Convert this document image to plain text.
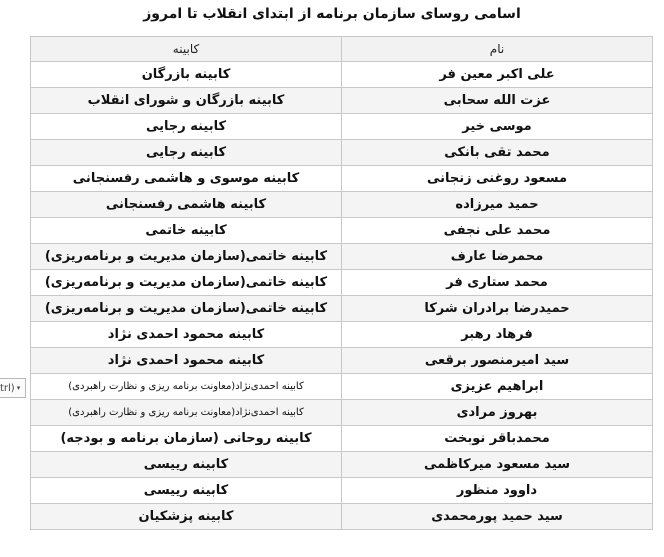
اسامی روسای سازمان برنامه از ابتدای انقلاب تا امروز
نام	کابینه
علی اکبر معین فر	کابینه بازرگان
عزت الله سحابی	کابینه بازرگان و شورای انقلاب
موسی خیر	کابینه رجایی
محمد تقی بانکی	کابینه رجایی
مسعود روغنی زنجانی	کابینه موسوی و هاشمی رفسنجانی
حمید میرزاده	کابینه هاشمی رفسنجانی
محمد علی نجفی	کابینه خاتمی
محمرضا عارف	کابینه خاتمی(سازمان مدیریت و برنامه‌ریزی)
محمد ستاری فر	کابینه خاتمی(سازمان مدیریت و برنامه‌ریزی)
حمیدرضا برادران شرکا	کابینه خاتمی(سازمان مدیریت و برنامه‌ریزی)
فرهاد رهبر	کابینه محمود احمدی نژاد
سید امیرمنصور برقعی	کابینه محمود احمدی نژاد
ابراهیم عزیزی	کابینه احمدی‌نژاد(معاونت برنامه ریزی و نظارت راهبردی)
بهروز مرادی	کابینه احمدی‌نژاد(معاونت برنامه ریزی و نظارت راهبردی)
محمدباقر نوبخت	کابینه روحانی (سازمان برنامه و بودجه)
سید مسعود میرکاظمی	کابینه رییسی
داوود منظور	کابینه رییسی
سید حمید پورمحمدی	کابینه پزشکیان
trl) ▾
